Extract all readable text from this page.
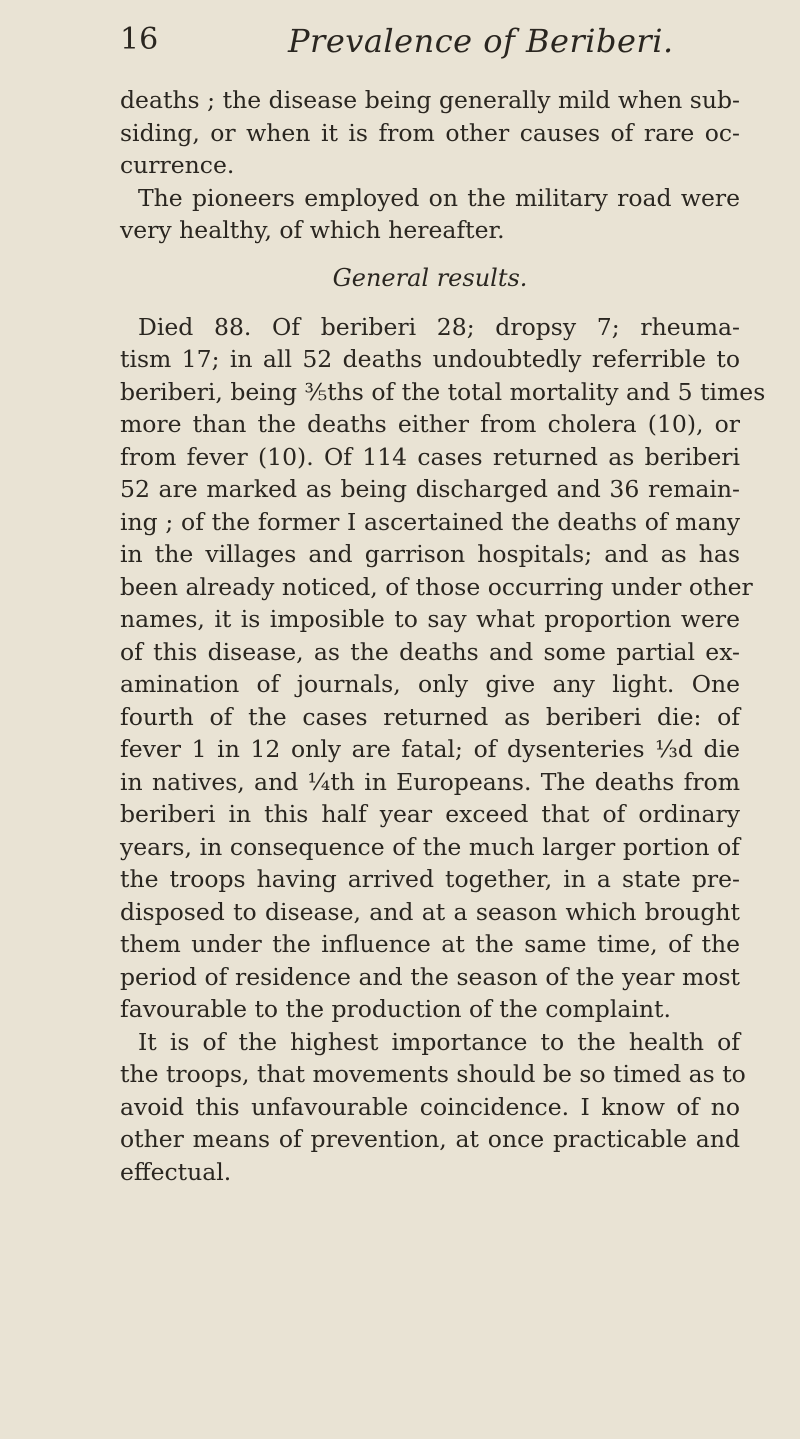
16	Prevalence of Beriberi.
deaths ; the disease being generally mild when sub-
siding, or when it is from other causes of rare oc-
currence.
The pioneers employed on the military road were
very healthy, of which hereafter.
General results.
Died 88. Of beriberi 28; dropsy 7; rheuma-
tism 17; in all 52 deaths undoubtedly referrible to
beriberi, being ⅗ths of the total mortality and 5 times
more than the deaths either from cholera (10), or
from fever (10). Of 114 cases returned as beriberi
52 are marked as being discharged and 36 remain-
ing ; of the former I ascertained the deaths of many
in the villages and garrison hospitals; and as has
been already noticed, of those occurring under other
names, it is imposible to say what proportion were
of this disease, as the deaths and some partial ex-
amination of journals, only give any light. One
fourth of the cases returned as beriberi die: of
fever 1 in 12 only are fatal; of dysenteries ⅓d die
in natives, and ¼th in Europeans. The deaths from
beriberi in this half year exceed that of ordinary
years, in consequence of the much larger portion of
the troops having arrived together, in a state pre-
disposed to disease, and at a season which brought
them under the influence at the same time, of the
period of residence and the season of the year most
favourable to the production of the complaint.
It is of the highest importance to the health of
the troops, that movements should be so timed as to
avoid this unfavourable coincidence. I know of no
other means of prevention, at once practicable and
effectual.
